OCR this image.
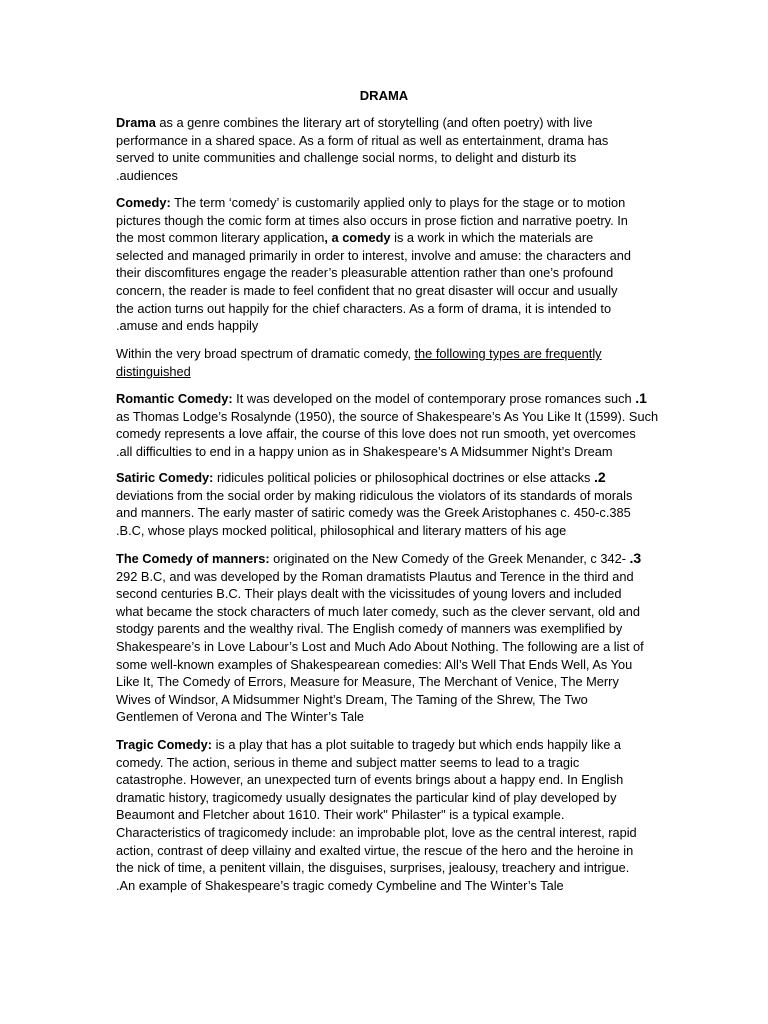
DRAMA
Drama as a genre combines the literary art of storytelling (and often poetry) with live
performance in a shared space. As a form of ritual as well as entertainment, drama has
served to unite communities and challenge social norms, to delight and disturb its
.audiences
Comedy: The term ‘comedy’ is customarily applied only to plays for the stage or to motion
pictures though the comic form at times also occurs in prose fiction and narrative poetry. In
the most common literary application, a comedy is a work in which the materials are
selected and managed primarily in order to interest, involve and amuse: the characters and
their discomfitures engage the reader’s pleasurable attention rather than one’s profound
concern, the reader is made to feel confident that no great disaster will occur and usually
the action turns out happily for the chief characters. As a form of drama, it is intended to
.amuse and ends happily
Within the very broad spectrum of dramatic comedy, the following types are frequently
distinguished
Romantic Comedy: It was developed on the model of contemporary prose romances such .1
as Thomas Lodge’s Rosalynde (1950), the source of Shakespeare’s As You Like It (1599). Such
comedy represents a love affair, the course of this love does not run smooth, yet overcomes
.all difficulties to end in a happy union as in Shakespeare’s A Midsummer Night’s Dream
Satiric Comedy: ridicules political policies or philosophical doctrines or else attacks .2
deviations from the social order by making ridiculous the violators of its standards of morals
and manners. The early master of satiric comedy was the Greek Aristophanes c. 450-c.385
.B.C, whose plays mocked political, philosophical and literary matters of his age
The Comedy of manners: originated on the New Comedy of the Greek Menander, c 342- .3
292 B.C, and was developed by the Roman dramatists Plautus and Terence in the third and
second centuries B.C. Their plays dealt with the vicissitudes of young lovers and included
what became the stock characters of much later comedy, such as the clever servant, old and
stodgy parents and the wealthy rival. The English comedy of manners was exemplified by
Shakespeare’s in Love Labour’s Lost and Much Ado About Nothing. The following are a list of
some well-known examples of Shakespearean comedies: All’s Well That Ends Well, As You
Like It, The Comedy of Errors, Measure for Measure, The Merchant of Venice, The Merry
Wives of Windsor, A Midsummer Night’s Dream, The Taming of the Shrew, The Two
Gentlemen of Verona and The Winter’s Tale
Tragic Comedy: is a play that has a plot suitable to tragedy but which ends happily like a
comedy. The action, serious in theme and subject matter seems to lead to a tragic
catastrophe. However, an unexpected turn of events brings about a happy end. In English
dramatic history, tragicomedy usually designates the particular kind of play developed by
Beaumont and Fletcher about 1610. Their work" Philaster" is a typical example.
Characteristics of tragicomedy include: an improbable plot, love as the central interest, rapid
action, contrast of deep villainy and exalted virtue, the rescue of the hero and the heroine in
the nick of time, a penitent villain, the disguises, surprises, jealousy, treachery and intrigue.
.An example of Shakespeare’s tragic comedy Cymbeline and The Winter’s Tale
